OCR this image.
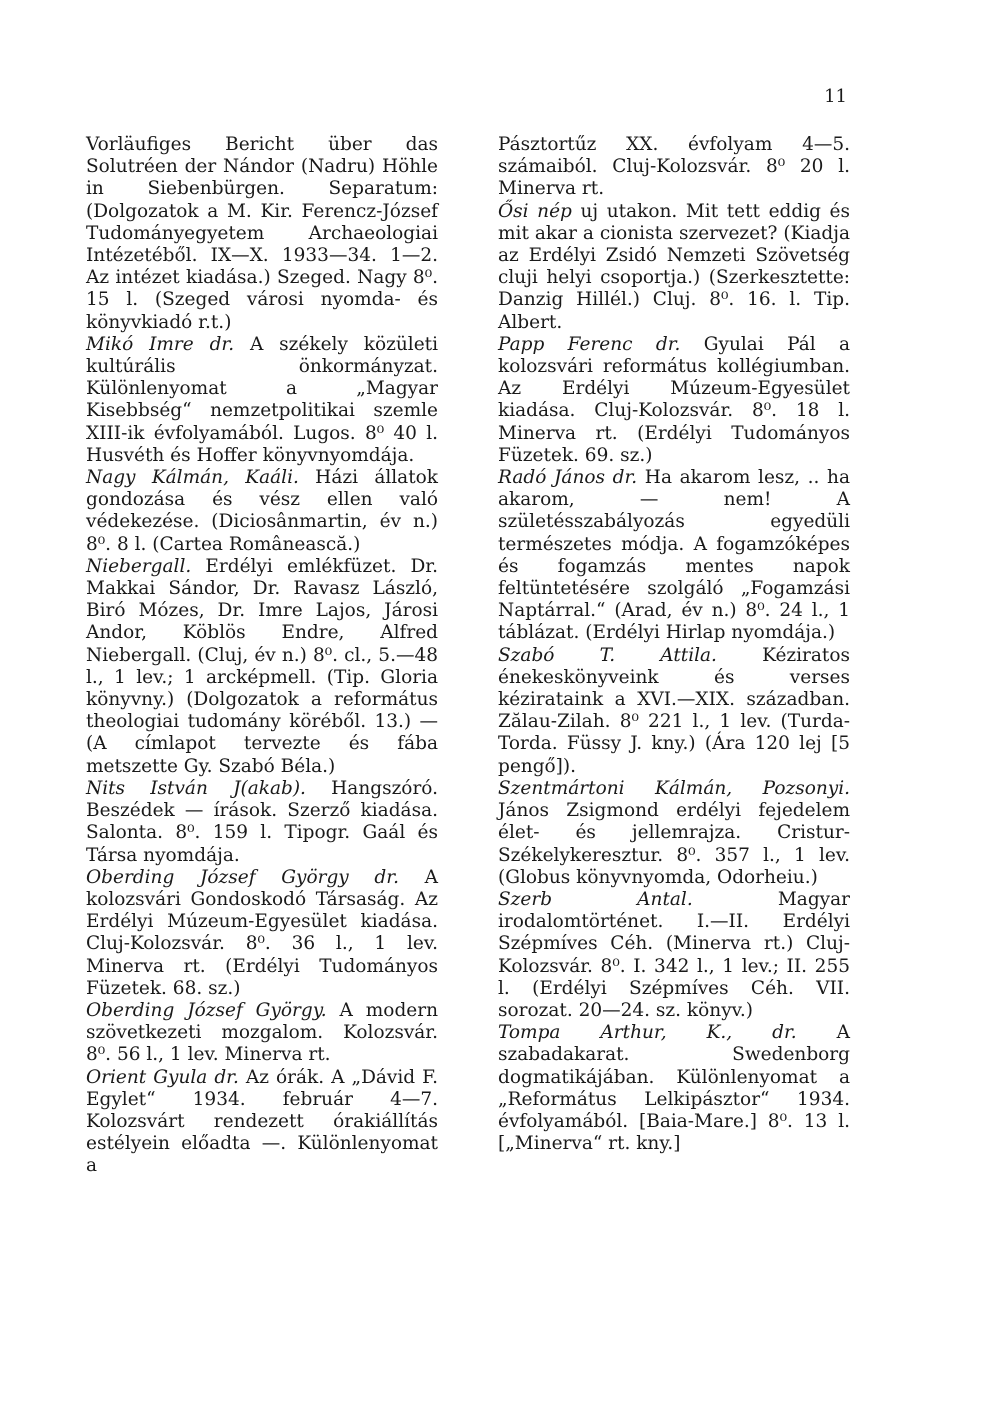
11

Vorläufiges Bericht über das Solutréen der Nándor (Nadru) Höhle in Siebenbürgen. Separatum: (Dolgozatok a M. Kir. Ferencz-József Tudományegyetem Archaeologiai Intézetéből. IX—X. 1933—34. 1—2. Az intézet kiadása.) Szeged. Nagy 8⁰. 15 l. (Szeged városi nyomda- és könyvkiadó r.t.)

Mikó Imre dr. A székely közületi kultúrális önkormányzat. Különlenyomat a „Magyar Kisebbség“ nemzetpolitikai szemle XIII-ik évfolyamából. Lugos. 8⁰ 40 l. Husvéth és Hoffer könyvnyomdája.

Nagy Kálmán, Kaáli. Házi állatok gondozása és vész ellen való védekezése. (Diciosânmartin, év n.) 8⁰. 8 l. (Cartea Românească.)

Niebergall. Erdélyi emlékfüzet. Dr. Makkai Sándor, Dr. Ravasz László, Biró Mózes, Dr. Imre Lajos, Járosi Andor, Köblös Endre, Alfred Niebergall. (Cluj, év n.) 8⁰. cl., 5.—48 l., 1 lev.; 1 arcképmell. (Tip. Gloria könyvny.) (Dolgozatok a református theologiai tudomány köréből. 13.) — (A címlapot tervezte és fába metszette Gy. Szabó Béla.)

Nits István J(akab). Hangszóró. Beszédek — írások. Szerző kiadása. Salonta. 8⁰. 159 l. Tipogr. Gaál és Társa nyomdája.

Oberding József György dr. A kolozsvári Gondoskodó Társaság. Az Erdélyi Múzeum-Egyesület kiadása. Cluj-Kolozsvár. 8⁰. 36 l., 1 lev. Minerva rt. (Erdélyi Tudományos Füzetek. 68. sz.)

Oberding József György. A modern szövetkezeti mozgalom. Kolozsvár. 8⁰. 56 l., 1 lev. Minerva rt.

Orient Gyula dr. Az órák. A „Dávid F. Egylet“ 1934. február 4—7. Kolozsvárt rendezett órakiállítás estélyein előadta —. Különlenyomat a

Pásztortűz XX. évfolyam 4—5. számaiból. Cluj-Kolozsvár. 8⁰ 20 l. Minerva rt.

Ősi nép uj utakon. Mit tett eddig és mit akar a cionista szervezet? (Kiadja az Erdélyi Zsidó Nemzeti Szövetség cluji helyi csoportja.) (Szerkesztette: Danzig Hillél.) Cluj. 8⁰. 16. l. Tip. Albert.

Papp Ferenc dr. Gyulai Pál a kolozsvári református kollégiumban. Az Erdélyi Múzeum-Egyesület kiadása. Cluj-Kolozsvár. 8⁰. 18 l. Minerva rt. (Erdélyi Tudományos Füzetek. 69. sz.)

Radó János dr. Ha akarom lesz, .. ha akarom, — nem! A születésszabályozás egyedüli természetes módja. A fogamzóképes és fogamzás mentes napok feltüntetésére szolgáló „Fogamzási Naptárral.“ (Arad, év n.) 8⁰. 24 l., 1 táblázat. (Erdélyi Hirlap nyomdája.)

Szabó T. Attila. Kéziratos énekeskönyveink és verses kézirataink a XVI.—XIX. században. Zălau-Zilah. 8⁰ 221 l., 1 lev. (Turda-Torda. Füssy J. kny.) (Ára 120 lej [5 pengő]).

Szentmártoni Kálmán, Pozsonyi. János Zsigmond erdélyi fejedelem élet- és jellemrajza. Cristur-Székelykeresztur. 8⁰. 357 l., 1 lev. (Globus könyvnyomda, Odorheiu.)

Szerb Antal. Magyar irodalomtörténet. I.—II. Erdélyi Szépmíves Céh. (Minerva rt.) Cluj-Kolozsvár. 8⁰. I. 342 l., 1 lev.; II. 255 l. (Erdélyi Szépmíves Céh. VII. sorozat. 20—24. sz. könyv.)

Tompa Arthur, K., dr. A szabadakarat. Swedenborg dogmatikájában. Különlenyomat a „Református Lelkipásztor“ 1934. évfolyamából. [Baia-Mare.] 8⁰. 13 l. [„Minerva“ rt. kny.]
